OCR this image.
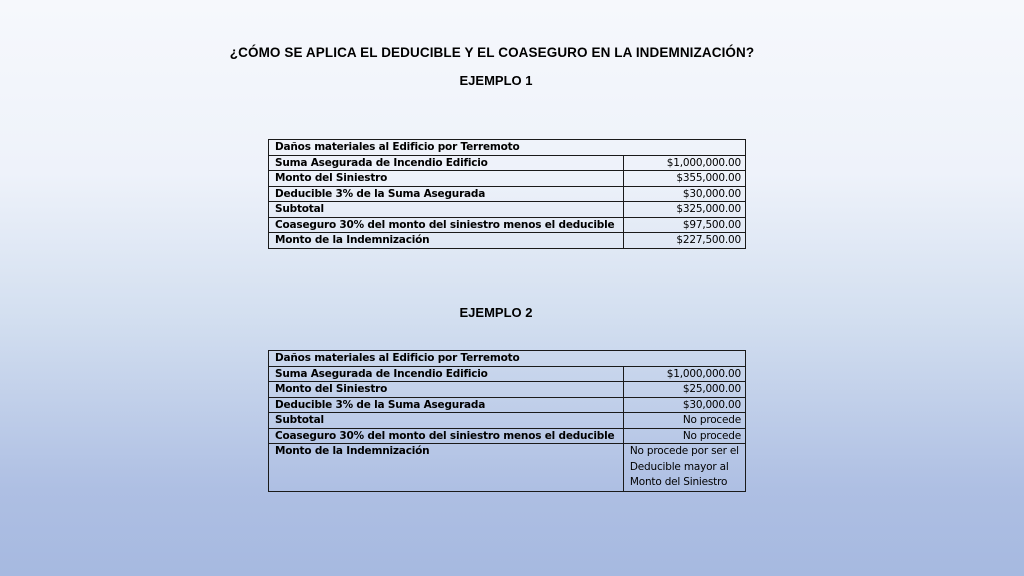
¿CÓMO SE APLICA EL DEDUCIBLE Y EL COASEGURO EN LA INDEMNIZACIÓN?
EJEMPLO 1
Daños materiales al Edificio por Terremoto	
Suma Asegurada de Incendio Edificio	$1,000,000.00
Monto del Siniestro	$355,000.00
Deducible 3% de la Suma Asegurada	$30,000.00
Subtotal	$325,000.00
Coaseguro 30% del monto del siniestro menos el deducible	$97,500.00
Monto de la Indemnización	$227,500.00
EJEMPLO 2
Daños materiales al Edificio por Terremoto	
Suma Asegurada de Incendio Edificio	$1,000,000.00
Monto del Siniestro	$25,000.00
Deducible 3% de la Suma Asegurada	$30,000.00
Subtotal	No procede
Coaseguro 30% del monto del siniestro menos el deducible	No procede
Monto de la Indemnización	No procede por ser el Deducible mayor al Monto del Siniestro
